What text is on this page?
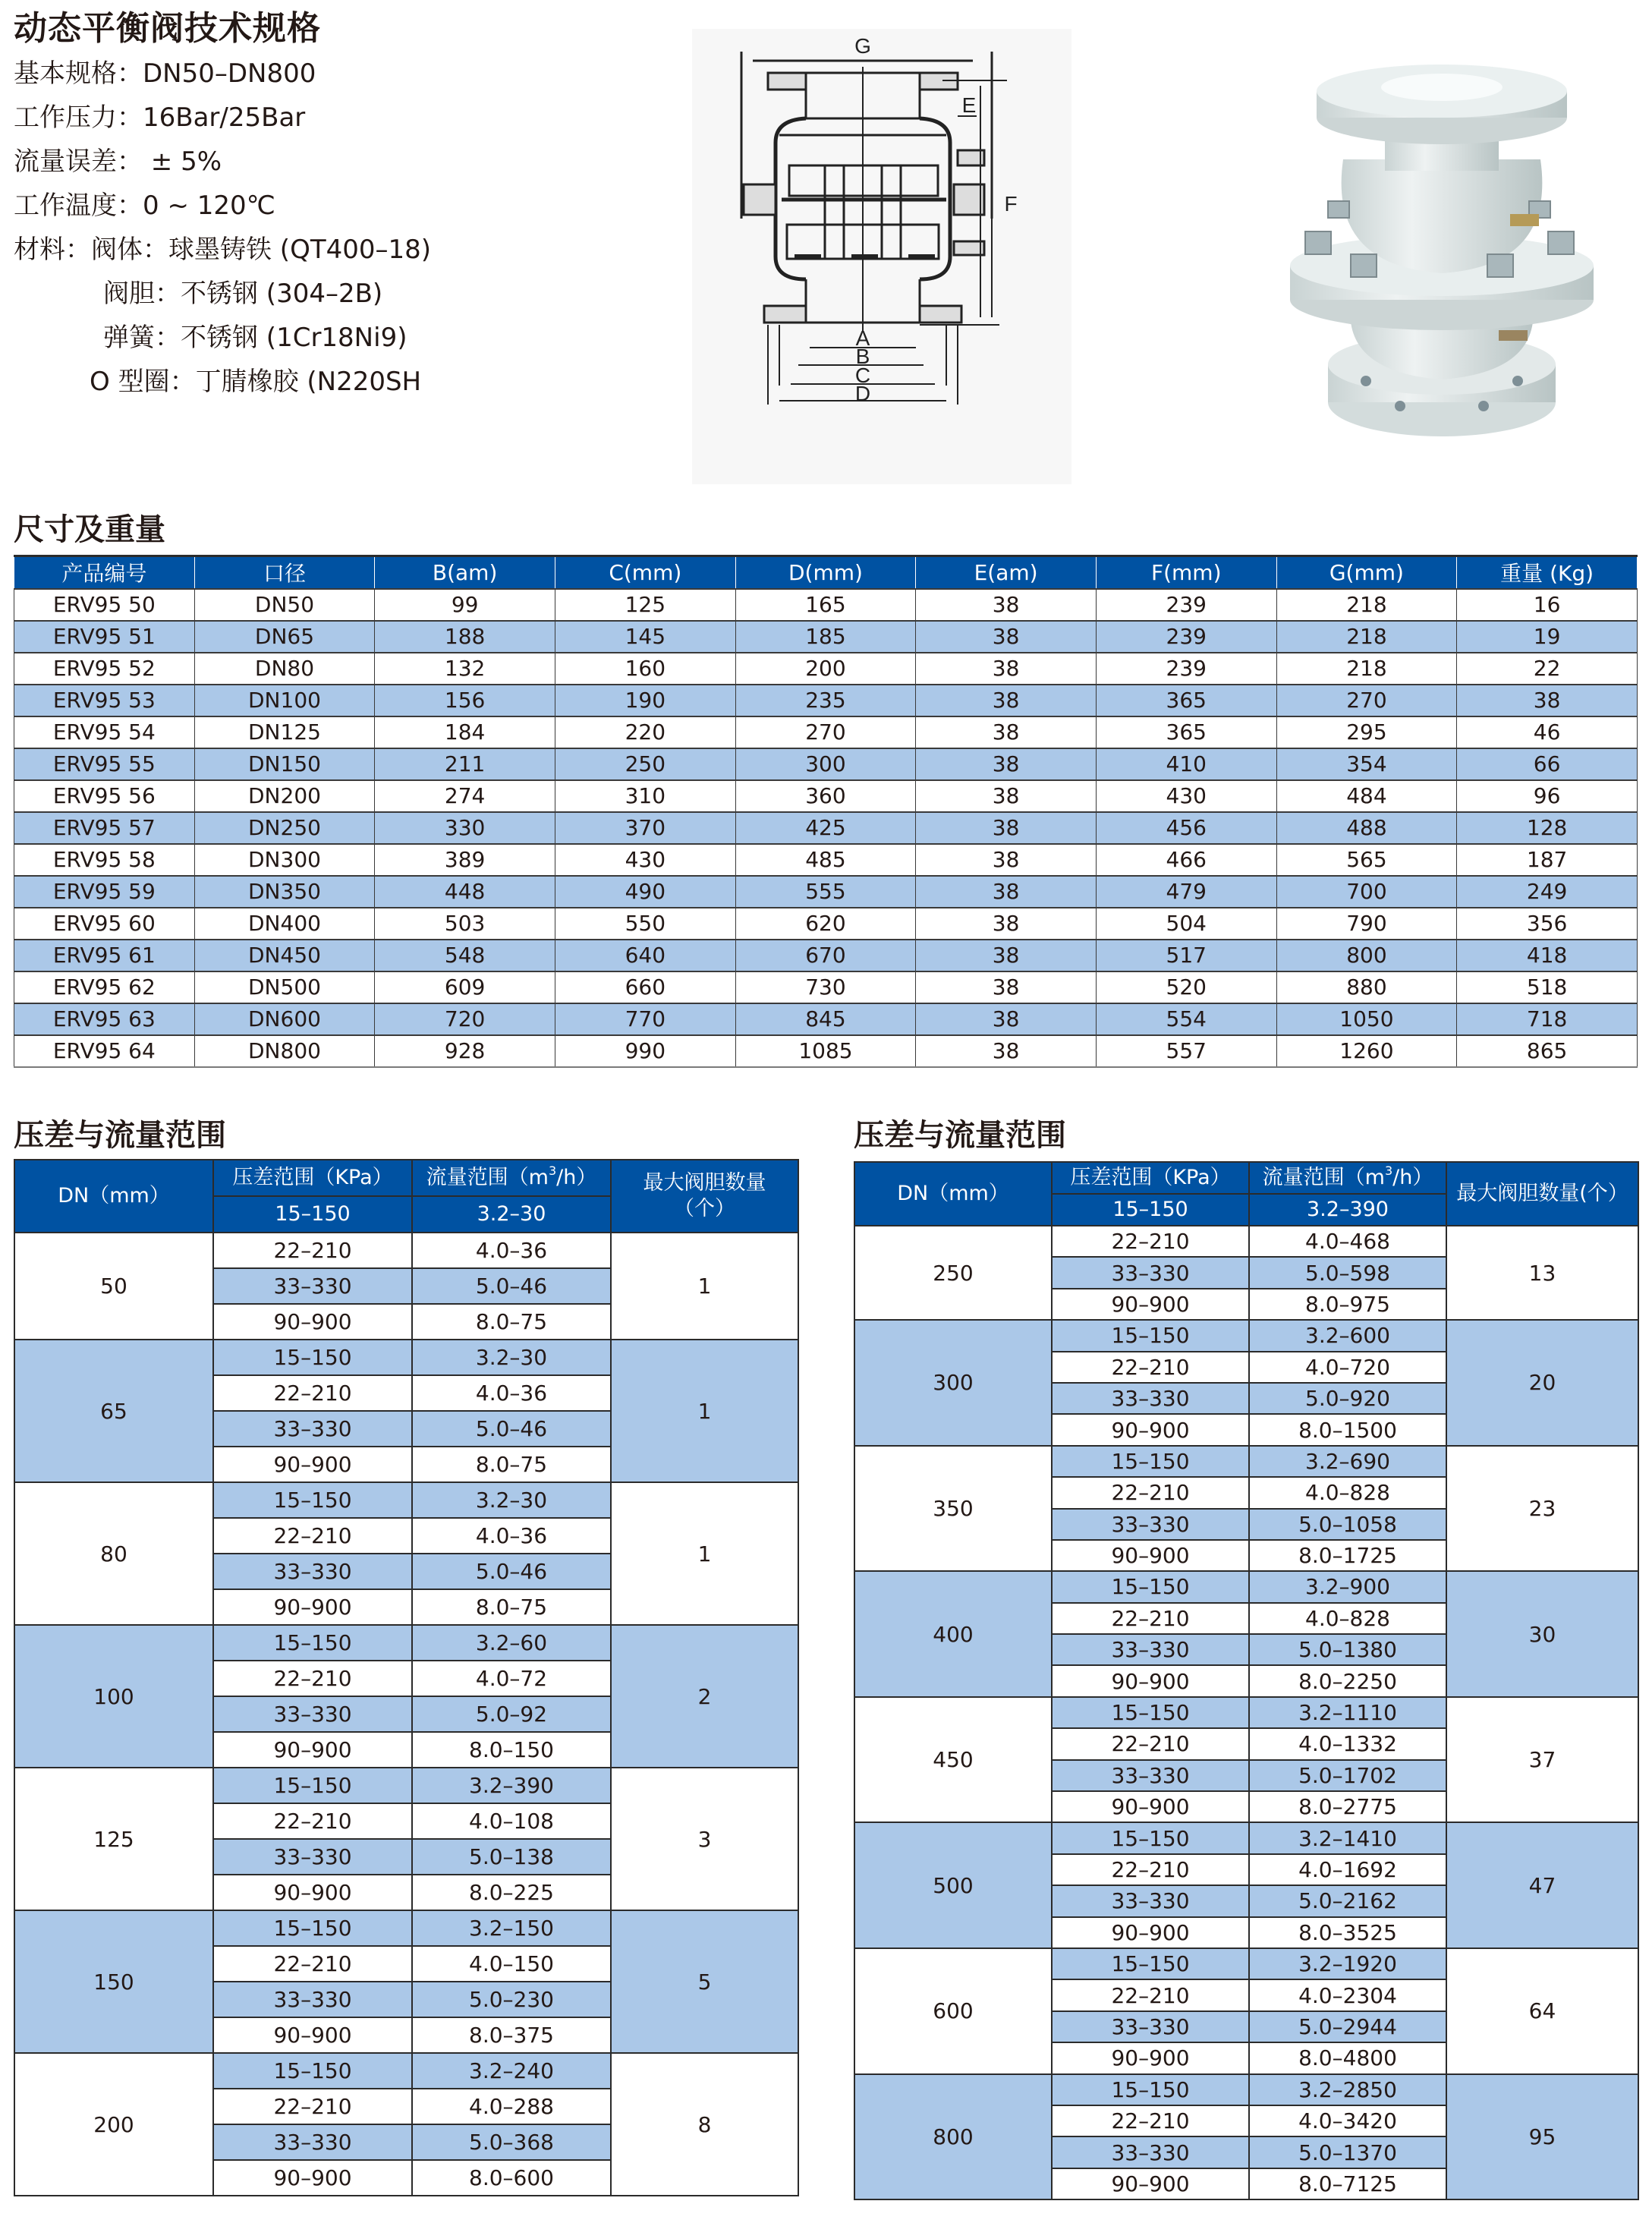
动态平衡阀技术规格
基本规格：DN50–DN800
工作压力：16Bar/25Bar
流量误差： ± 5%
工作温度：0 ~ 120℃
材料：阀体：球墨铸铁 (QT400–18)
阀胆：不锈钢 (304–2B)
弹簧：不锈钢 (1Cr18Ni9)
O 型圈：丁腈橡胶 (N220SH
G
E
F
A
B
C
D
尺寸及重量
产品编号	口径	B(am)	C(mm)	D(mm)	E(am)	F(mm)	G(mm)	重量 (Kg)
ERV95 50	DN50	99	125	165	38	239	218	16
ERV95 51	DN65	188	145	185	38	239	218	19
ERV95 52	DN80	132	160	200	38	239	218	22
ERV95 53	DN100	156	190	235	38	365	270	38
ERV95 54	DN125	184	220	270	38	365	295	46
ERV95 55	DN150	211	250	300	38	410	354	66
ERV95 56	DN200	274	310	360	38	430	484	96
ERV95 57	DN250	330	370	425	38	456	488	128
ERV95 58	DN300	389	430	485	38	466	565	187
ERV95 59	DN350	448	490	555	38	479	700	249
ERV95 60	DN400	503	550	620	38	504	790	356
ERV95 61	DN450	548	640	670	38	517	800	418
ERV95 62	DN500	609	660	730	38	520	880	518
ERV95 63	DN600	720	770	845	38	554	1050	718
ERV95 64	DN800	928	990	1085	38	557	1260	865
压差与流量范围
DN（mm）	压差范围（KPa）	流量范围$(m^3/h)$	最大阀胆数量（个）
	15–150	3.2–30	
50	22–210	4.0–36	1
	33–330	5.0–46	
	90–900	8.0–75	
65	15–150	3.2–30	1
	22–210	4.0–36	
	33–330	5.0–46	
	90–900	8.0–75	
80	15–150	3.2–30	1
	22–210	4.0–36	
	33–330	5.0–46	
	90–900	8.0–75	
100	15–150	3.2–60	2
	22–210	4.0–72	
	33–330	5.0–92	
	90–900	8.0–150	
125	15–150	3.2–390	3
	22–210	4.0–108	
	33–330	5.0–138	
	90–900	8.0–225	
150	15–150	3.2–150	5
	22–210	4.0–150	
	33–330	5.0–230	
	90–900	8.0–375	
200	15–150	3.2–240	8
	22–210	4.0–288	
	33–330	5.0–368	
	90–900	8.0–600	
压差与流量范围
DN（mm）	压差范围（KPa）	流量范围$(m^3/h)$	最大阀胆数量(个）
	15–150	3.2–390	
250	22–210	4.0–468	13
	33–330	5.0–598	
	90–900	8.0–975	
300	15–150	3.2–600	20
	22–210	4.0–720	
	33–330	5.0–920	
	90–900	8.0–1500	
350	15–150	3.2–690	23
	22–210	4.0–828	
	33–330	5.0–1058	
	90–900	8.0–1725	
400	15–150	3.2–900	30
	22–210	4.0–828	
	33–330	5.0–1380	
	90–900	8.0–2250	
450	15–150	3.2–1110	37
	22–210	4.0–1332	
	33–330	5.0–1702	
	90–900	8.0–2775	
500	15–150	3.2–1410	47
	22–210	4.0–1692	
	33–330	5.0–2162	
	90–900	8.0–3525	
600	15–150	3.2–1920	64
	22–210	4.0–2304	
	33–330	5.0–2944	
	90–900	8.0–4800	
800	15–150	3.2–2850	95
	22–210	4.0–3420	
	33–330	5.0–1370	
	90–900	8.0–7125	
